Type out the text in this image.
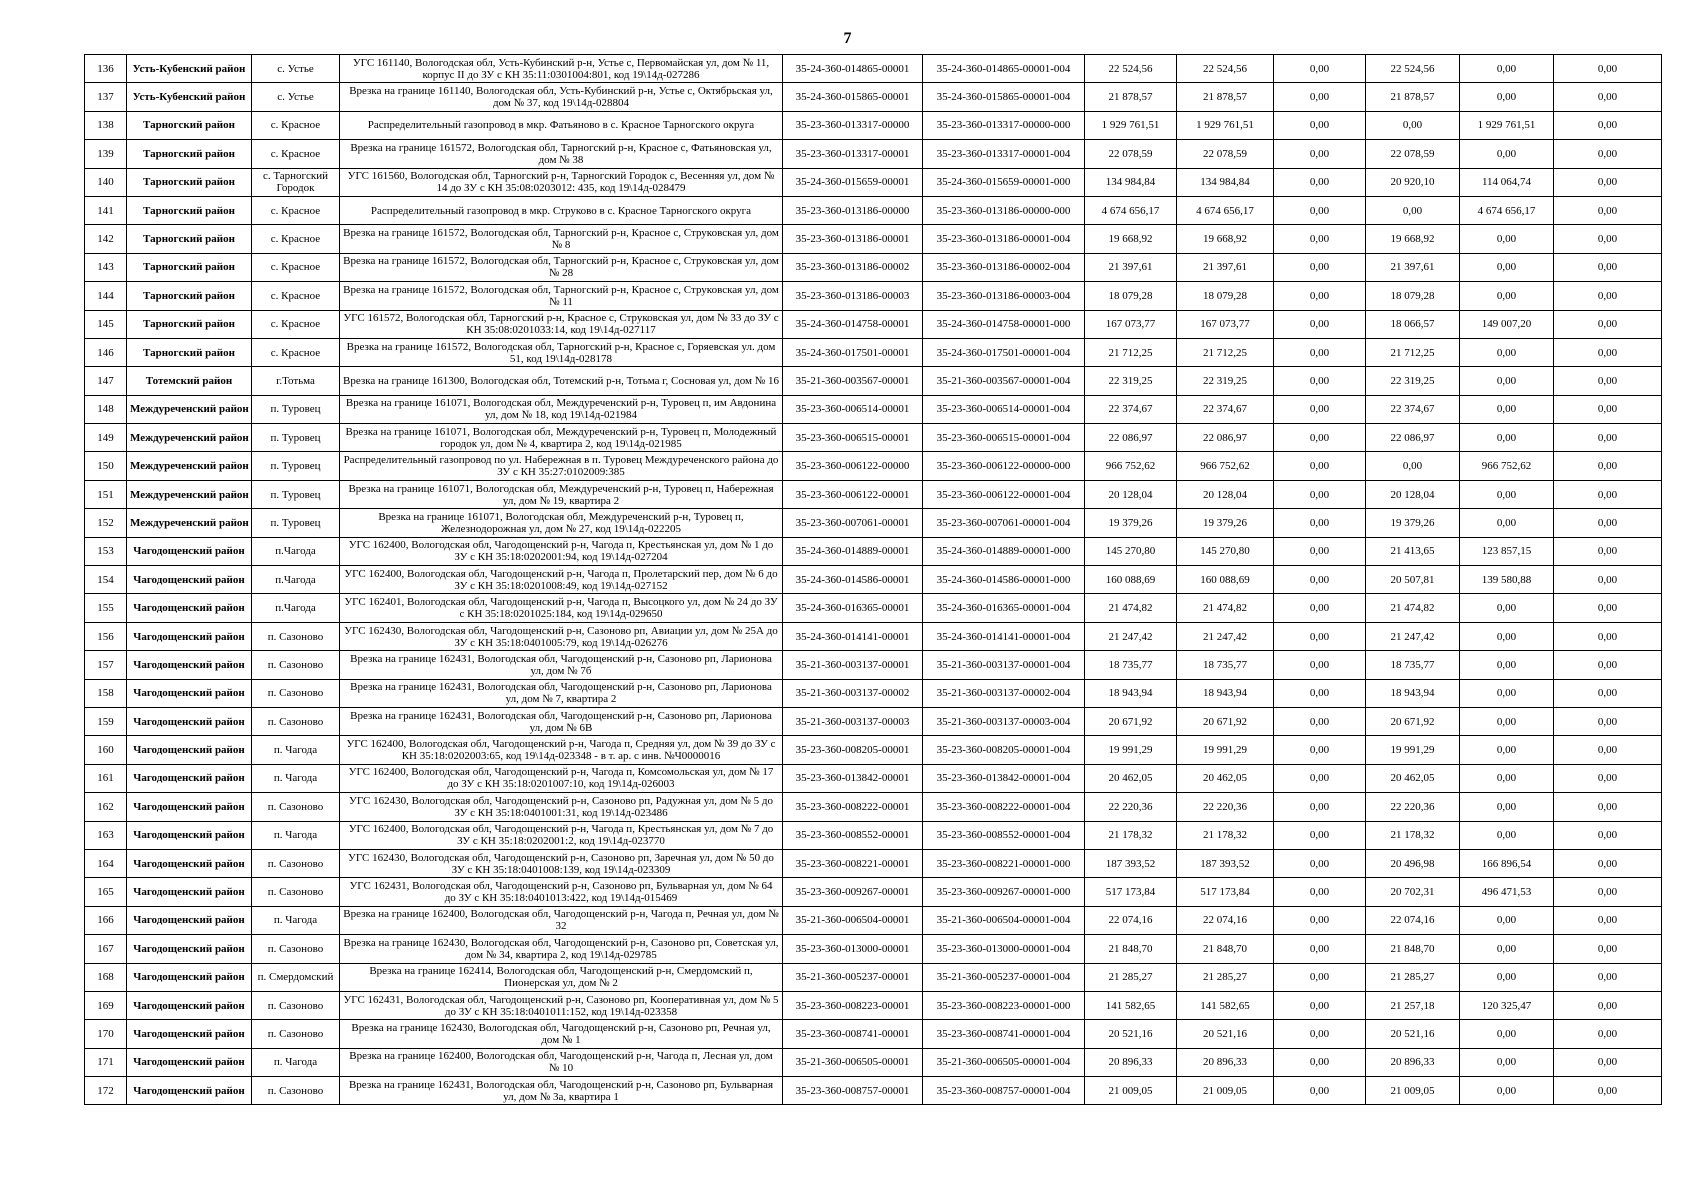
7
136	Усть-Кубенский район	с. Устье	УГС 161140, Вологодская обл, Усть-Кубинский р-н, Устье с, Первомайская ул, дом № 11, корпус II до ЗУ с КН 35:11:0301004:801, код 19\14д-027286	35-24-360-014865-00001	35-24-360-014865-00001-004	22 524,56	22 524,56	0,00	22 524,56	0,00	0,00
137	Усть-Кубенский район	с. Устье	Врезка на границе 161140, Вологодская обл, Усть-Кубинский р-н, Устье с, Октябрьская ул, дом № 37, код 19\14д-028804	35-24-360-015865-00001	35-24-360-015865-00001-004	21 878,57	21 878,57	0,00	21 878,57	0,00	0,00
138	Тарногский район	с. Красное	Распределительный газопровод в мкр. Фатьяново в с. Красное Тарногского округа	35-23-360-013317-00000	35-23-360-013317-00000-000	1 929 761,51	1 929 761,51	0,00	0,00	1 929 761,51	0,00
139	Тарногский район	с. Красное	Врезка на границе 161572, Вологодская обл, Тарногский р-н, Красное с, Фатьяновская ул, дом № 38	35-23-360-013317-00001	35-23-360-013317-00001-004	22 078,59	22 078,59	0,00	22 078,59	0,00	0,00
140	Тарногский район	с. Тарногский Городок	УГС 161560, Вологодская обл, Тарногский р-н, Тарногский Городок с, Весенняя ул, дом № 14 до ЗУ с КН 35:08:0203012: 435, код 19\14д-028479	35-24-360-015659-00001	35-24-360-015659-00001-000	134 984,84	134 984,84	0,00	20 920,10	114 064,74	0,00
141	Тарногский район	с. Красное	Распределительный газопровод в мкр. Струково в с. Красное Тарногского округа	35-23-360-013186-00000	35-23-360-013186-00000-000	4 674 656,17	4 674 656,17	0,00	0,00	4 674 656,17	0,00
142	Тарногский район	с. Красное	Врезка на границе 161572, Вологодская обл, Тарногский р-н, Красное с, Струковская ул, дом № 8	35-23-360-013186-00001	35-23-360-013186-00001-004	19 668,92	19 668,92	0,00	19 668,92	0,00	0,00
143	Тарногский район	с. Красное	Врезка на границе 161572, Вологодская обл, Тарногский р-н, Красное с, Струковская ул, дом № 28	35-23-360-013186-00002	35-23-360-013186-00002-004	21 397,61	21 397,61	0,00	21 397,61	0,00	0,00
144	Тарногский район	с. Красное	Врезка на границе 161572, Вологодская обл, Тарногский р-н, Красное с, Струковская ул, дом № 11	35-23-360-013186-00003	35-23-360-013186-00003-004	18 079,28	18 079,28	0,00	18 079,28	0,00	0,00
145	Тарногский район	с. Красное	УГС 161572, Вологодская обл, Тарногский р-н, Красное с, Струковская ул, дом № 33 до ЗУ с КН 35:08:0201033:14, код 19\14д-027117	35-24-360-014758-00001	35-24-360-014758-00001-000	167 073,77	167 073,77	0,00	18 066,57	149 007,20	0,00
146	Тарногский район	с. Красное	Врезка на границе 161572, Вологодская обл, Тарногский р-н, Красное с, Горяевская ул. дом 51, код 19\14д-028178	35-24-360-017501-00001	35-24-360-017501-00001-004	21 712,25	21 712,25	0,00	21 712,25	0,00	0,00
147	Тотемский район	г.Тотьма	Врезка на границе 161300, Вологодская обл, Тотемский р-н, Тотьма г, Сосновая ул, дом № 16	35-21-360-003567-00001	35-21-360-003567-00001-004	22 319,25	22 319,25	0,00	22 319,25	0,00	0,00
148	Междуреченский район	п. Туровец	Врезка на границе 161071, Вологодская обл, Междуреченский р-н, Туровец п, им Авдонина ул, дом № 18, код 19\14д-021984	35-23-360-006514-00001	35-23-360-006514-00001-004	22 374,67	22 374,67	0,00	22 374,67	0,00	0,00
149	Междуреченский район	п. Туровец	Врезка на границе 161071, Вологодская обл, Междуреченский р-н, Туровец п, Молодежный городок ул, дом № 4, квартира 2, код 19\14д-021985	35-23-360-006515-00001	35-23-360-006515-00001-004	22 086,97	22 086,97	0,00	22 086,97	0,00	0,00
150	Междуреченский район	п. Туровец	Распределительный газопровод по ул. Набережная в п. Туровец Междуреченского района до ЗУ с КН 35:27:0102009:385	35-23-360-006122-00000	35-23-360-006122-00000-000	966 752,62	966 752,62	0,00	0,00	966 752,62	0,00
151	Междуреченский район	п. Туровец	Врезка на границе 161071, Вологодская обл, Междуреченский р-н, Туровец п, Набережная ул, дом № 19, квартира 2	35-23-360-006122-00001	35-23-360-006122-00001-004	20 128,04	20 128,04	0,00	20 128,04	0,00	0,00
152	Междуреченский район	п. Туровец	Врезка на границе 161071, Вологодская обл, Междуреченский р-н, Туровец п, Железнодорожная ул, дом № 27, код 19\14д-022205	35-23-360-007061-00001	35-23-360-007061-00001-004	19 379,26	19 379,26	0,00	19 379,26	0,00	0,00
153	Чагодощенский район	п.Чагода	УГС 162400, Вологодская обл, Чагодощенский р-н, Чагода п, Крестьянская ул, дом № 1 до ЗУ с КН 35:18:0202001:94, код 19\14д-027204	35-24-360-014889-00001	35-24-360-014889-00001-000	145 270,80	145 270,80	0,00	21 413,65	123 857,15	0,00
154	Чагодощенский район	п.Чагода	УГС 162400, Вологодская обл, Чагодощенский р-н, Чагода п, Пролетарский пер, дом № 6 до ЗУ с КН 35:18:0201008:49, код 19\14д-027152	35-24-360-014586-00001	35-24-360-014586-00001-000	160 088,69	160 088,69	0,00	20 507,81	139 580,88	0,00
155	Чагодощенский район	п.Чагода	УГС 162401, Вологодская обл, Чагодощенский р-н, Чагода п, Высоцкого ул, дом № 24 до ЗУ с КН 35:18:0201025:184, код 19\14д-029650	35-24-360-016365-00001	35-24-360-016365-00001-004	21 474,82	21 474,82	0,00	21 474,82	0,00	0,00
156	Чагодощенский район	п. Сазоново	УГС 162430, Вологодская обл, Чагодощенский р-н, Сазоново рп, Авиации ул, дом № 25А до ЗУ с КН 35:18:0401005:79, код 19\14д-026276	35-24-360-014141-00001	35-24-360-014141-00001-004	21 247,42	21 247,42	0,00	21 247,42	0,00	0,00
157	Чагодощенский район	п. Сазоново	Врезка на границе 162431, Вологодская обл, Чагодощенский р-н, Сазоново рп, Ларионова ул, дом № 7б	35-21-360-003137-00001	35-21-360-003137-00001-004	18 735,77	18 735,77	0,00	18 735,77	0,00	0,00
158	Чагодощенский район	п. Сазоново	Врезка на границе 162431, Вологодская обл, Чагодощенский р-н, Сазоново рп, Ларионова ул, дом № 7, квартира 2	35-21-360-003137-00002	35-21-360-003137-00002-004	18 943,94	18 943,94	0,00	18 943,94	0,00	0,00
159	Чагодощенский район	п. Сазоново	Врезка на границе 162431, Вологодская обл, Чагодощенский р-н, Сазоново рп, Ларионова ул, дом № 6В	35-21-360-003137-00003	35-21-360-003137-00003-004	20 671,92	20 671,92	0,00	20 671,92	0,00	0,00
160	Чагодощенский район	п. Чагода	УГС 162400, Вологодская обл, Чагодощенский р-н, Чагода п, Средняя ул, дом № 39 до ЗУ с КН 35:18:0202003:65, код 19\14д-023348 - в т. ар. с инв. №Ч0000016	35-23-360-008205-00001	35-23-360-008205-00001-004	19 991,29	19 991,29	0,00	19 991,29	0,00	0,00
161	Чагодощенский район	п. Чагода	УГС 162400, Вологодская обл, Чагодощенский р-н, Чагода п, Комсомольская ул, дом № 17 до ЗУ с КН 35:18:0201007:10, код 19\14д-026003	35-23-360-013842-00001	35-23-360-013842-00001-004	20 462,05	20 462,05	0,00	20 462,05	0,00	0,00
162	Чагодощенский район	п. Сазоново	УГС 162430, Вологодская обл, Чагодощенский р-н, Сазоново рп, Радужная ул, дом № 5 до ЗУ с КН 35:18:0401001:31, код 19\14д-023486	35-23-360-008222-00001	35-23-360-008222-00001-004	22 220,36	22 220,36	0,00	22 220,36	0,00	0,00
163	Чагодощенский район	п. Чагода	УГС 162400, Вологодская обл, Чагодощенский р-н, Чагода п, Крестьянская ул, дом № 7 до ЗУ с КН 35:18:0202001:2, код 19\14д-023770	35-23-360-008552-00001	35-23-360-008552-00001-004	21 178,32	21 178,32	0,00	21 178,32	0,00	0,00
164	Чагодощенский район	п. Сазоново	УГС 162430, Вологодская обл, Чагодощенский р-н, Сазоново рп, Заречная ул, дом № 50 до ЗУ с КН 35:18:0401008:139, код 19\14д-023309	35-23-360-008221-00001	35-23-360-008221-00001-000	187 393,52	187 393,52	0,00	20 496,98	166 896,54	0,00
165	Чагодощенский район	п. Сазоново	УГС 162431, Вологодская обл, Чагодощенский р-н, Сазоново рп, Бульварная ул, дом № 64 до ЗУ с КН 35:18:0401013:422, код 19\14д-015469	35-23-360-009267-00001	35-23-360-009267-00001-000	517 173,84	517 173,84	0,00	20 702,31	496 471,53	0,00
166	Чагодощенский район	п. Чагода	Врезка на границе 162400, Вологодская обл, Чагодощенский р-н, Чагода п, Речная ул, дом № 32	35-21-360-006504-00001	35-21-360-006504-00001-004	22 074,16	22 074,16	0,00	22 074,16	0,00	0,00
167	Чагодощенский район	п. Сазоново	Врезка на границе 162430, Вологодская обл, Чагодощенский р-н, Сазоново рп, Советская ул, дом № 34, квартира 2, код 19\14д-029785	35-23-360-013000-00001	35-23-360-013000-00001-004	21 848,70	21 848,70	0,00	21 848,70	0,00	0,00
168	Чагодощенский район	п. Смердомский	Врезка на границе 162414, Вологодская обл, Чагодощенский р-н, Смердомский п, Пионерская ул, дом № 2	35-21-360-005237-00001	35-21-360-005237-00001-004	21 285,27	21 285,27	0,00	21 285,27	0,00	0,00
169	Чагодощенский район	п. Сазоново	УГС 162431, Вологодская обл, Чагодощенский р-н, Сазоново рп, Кооперативная ул, дом № 5 до ЗУ с КН 35:18:0401011:152, код 19\14д-023358	35-23-360-008223-00001	35-23-360-008223-00001-000	141 582,65	141 582,65	0,00	21 257,18	120 325,47	0,00
170	Чагодощенский район	п. Сазоново	Врезка на границе 162430, Вологодская обл, Чагодощенский р-н, Сазоново рп, Речная ул, дом № 1	35-23-360-008741-00001	35-23-360-008741-00001-004	20 521,16	20 521,16	0,00	20 521,16	0,00	0,00
171	Чагодощенский район	п. Чагода	Врезка на границе 162400, Вологодская обл, Чагодощенский р-н, Чагода п, Лесная ул, дом № 10	35-21-360-006505-00001	35-21-360-006505-00001-004	20 896,33	20 896,33	0,00	20 896,33	0,00	0,00
172	Чагодощенский район	п. Сазоново	Врезка на границе 162431, Вологодская обл, Чагодощенский р-н, Сазоново рп, Бульварная ул, дом № 3а, квартира 1	35-23-360-008757-00001	35-23-360-008757-00001-004	21 009,05	21 009,05	0,00	21 009,05	0,00	0,00
